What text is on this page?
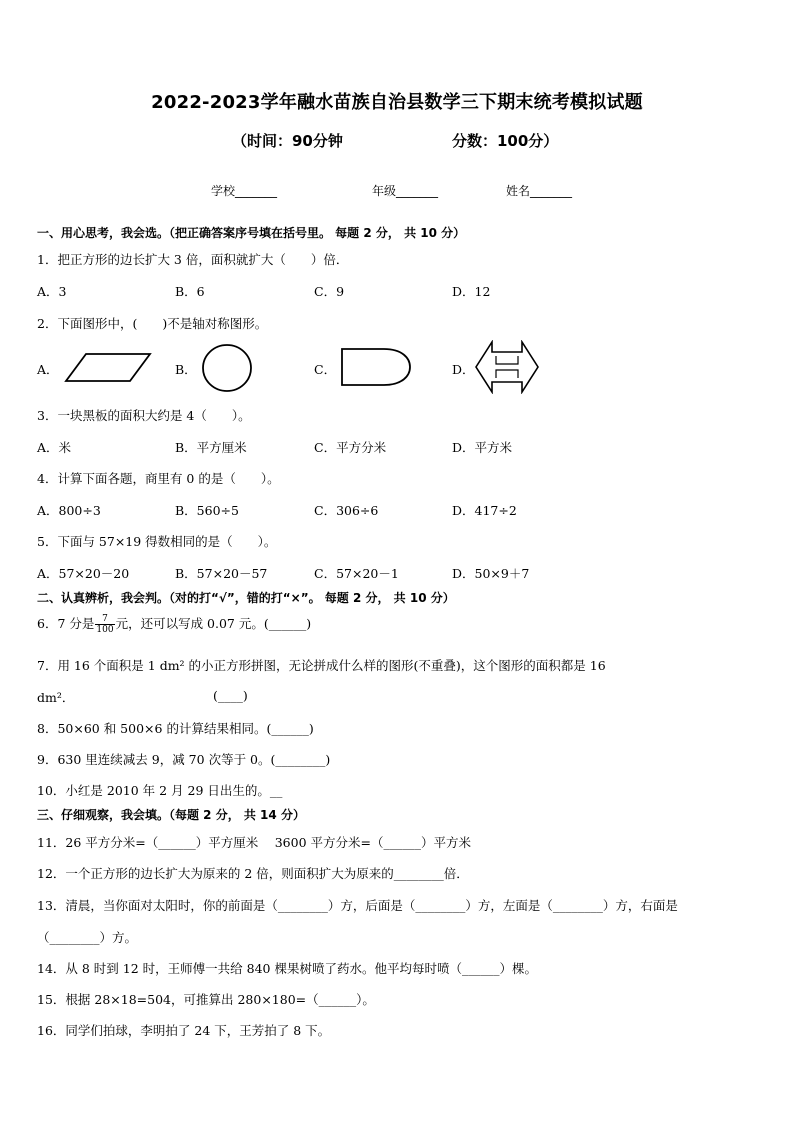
2022-2023学年融水苗族自治县数学三下期末统考模拟试题
（时间：90分钟	分数：100分）
学校_______	年级_______	姓名_______
一、用心思考，我会选。（把正确答案序号填在括号里。 每题 2 分， 共 10 分）
1．把正方形的边长扩大 3 倍，面积就扩大（　　）倍．
A．3	B．6	C．9	D．12
2．下面图形中，(　　)不是轴对称图形。
A．	B．	C．	D．
3．一块黑板的面积大约是 4（　　）。
A．米	B．平方厘米	C．平方分米	D．平方米
4．计算下面各题，商里有 0 的是（　　）。
A．800÷3	B．560÷5	C．306÷6	D．417÷2
5．下面与 57×19 得数相同的是（　　）。
A．57×20－20	B．57×20－57	C．57×20－1	D．50×9＋7
二、认真辨析，我会判。（对的打“√”，错的打“×”。 每题 2 分， 共 10 分）
6．7 分是 $\frac{7}{100}$ 元，还可以写成 0.07 元。(______)
7．用 16 个面积是 1 dm² 的小正方形拼图，无论拼成什么样的图形(不重叠)，这个图形的面积都是 16
dm²．	(____)
8．50×60 和 500×6 的计算结果相同。(______)
9．630 里连续减去 9，减 70 次等于 0。(________)
10．小红是 2010 年 2 月 29 日出生的。__
三、仔细观察，我会填。（每题 2 分， 共 14 分）
11．26 平方分米=（______）平方厘米　 3600 平方分米=（______）平方米
12．一个正方形的边长扩大为原来的 2 倍，则面积扩大为原来的________倍．
13．清晨，当你面对太阳时，你的前面是（________）方，后面是（________）方，左面是（________）方，右面是
（________）方。
14．从 8 时到 12 时，王师傅一共给 840 棵果树喷了药水。他平均每时喷（______）棵。
15．根据 28×18=504，可推算出 280×180=（______）。
16．同学们拍球，李明拍了 24 下，王芳拍了 8 下。
